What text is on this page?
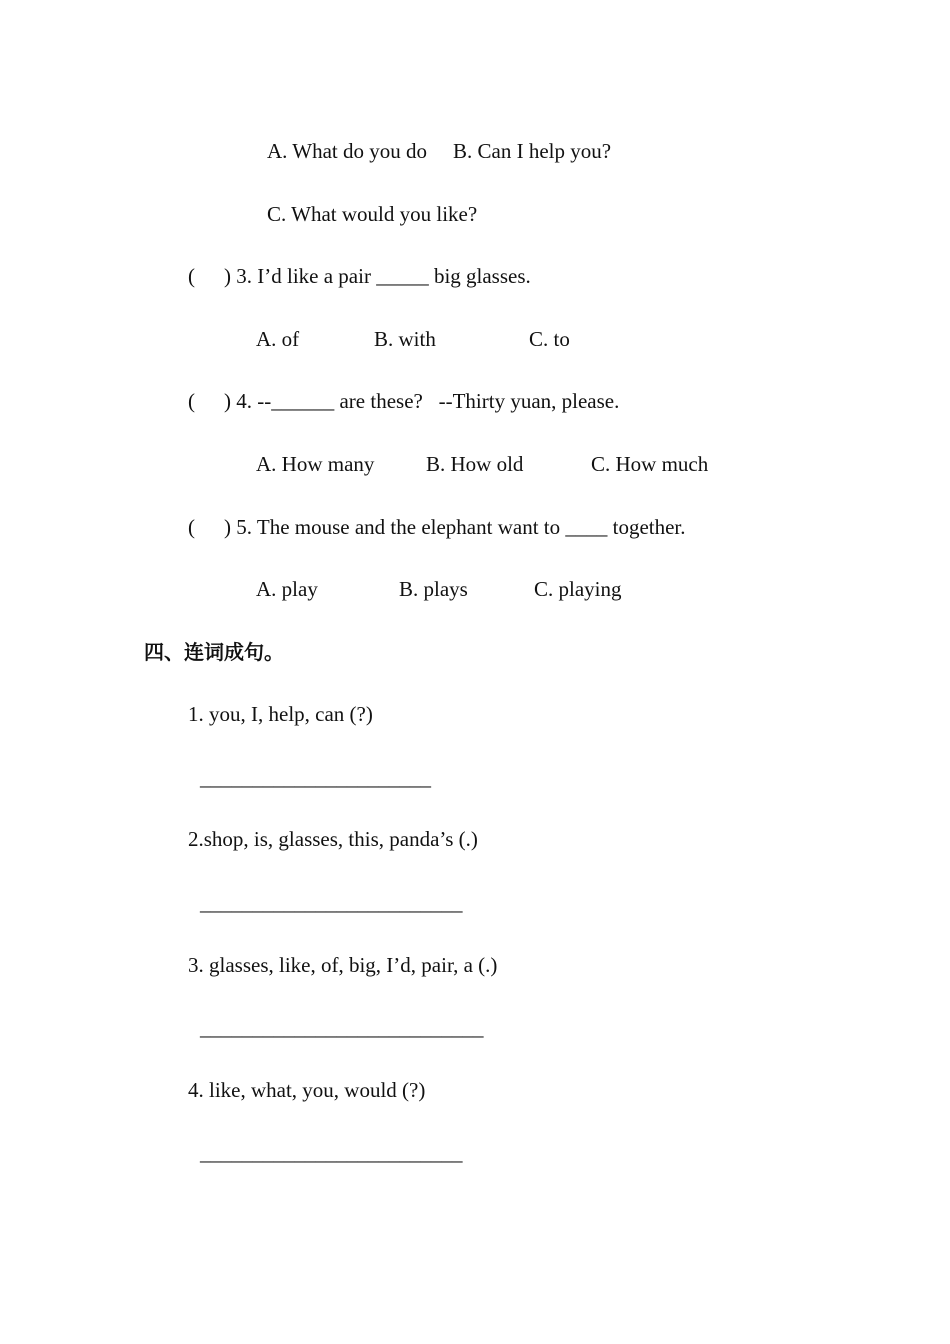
A. What do you do B. Can I help you?

C. What would you like?

( ) 3. I’d like a pair _____ big glasses.

A. of	B. with	C. to

( ) 4. --______ are these?   --Thirty yuan, please.

A. How many B. How old	C. How much

( ) 5. The mouse and the elephant want to ____ together.

A. play	B. plays	C. playing

四、连词成句。

1. you, I, help, can (?)

______________________

2.shop, is, glasses, this, panda’s (.)

_________________________

3. glasses, like, of, big, I’d, pair, a (.)

___________________________

4. like, what, you, would (?)

_________________________
